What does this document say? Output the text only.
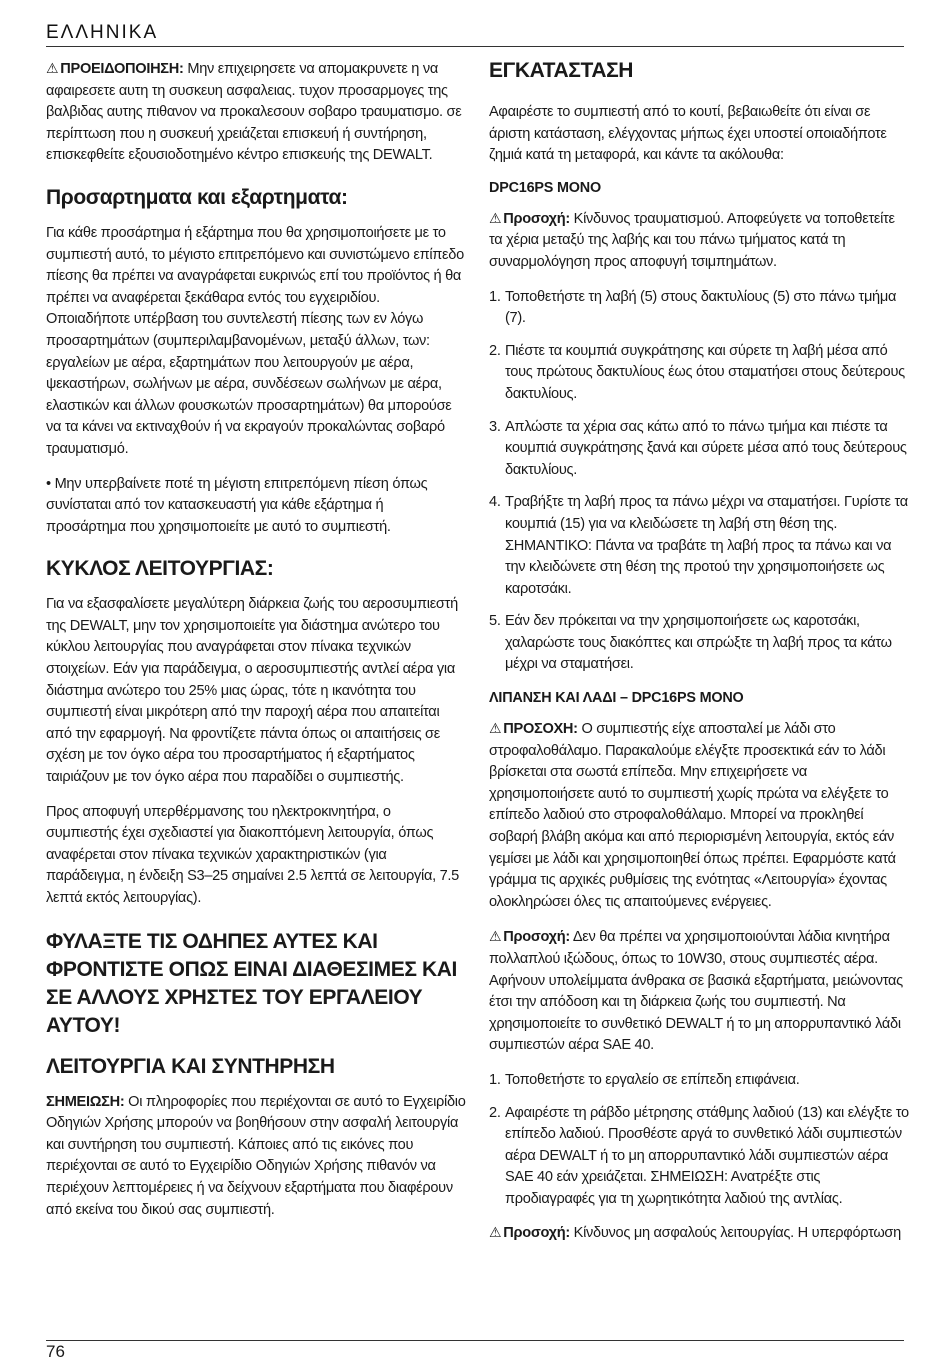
ΕΛΛΗΝΙΚΑ

⚠ ΠΡΟΕΙΔΟΠΟΙΗΣΗ: Μην επιχειρησετε να απομακρυνετε η να αφαιρεσετε αυτη τη συσκευη ασφαλειας. τυχον προσαρμογες της βαλβιδας αυτης πιθανον να προκαλεσουν σοβαρο τραυματισμο. σε περίπτωση που η συσκευή χρειάζεται επισκευή ή συντήρηση, επισκεφθείτε εξουσιοδοτημένο κέντρο επισκευής της DEWALT.

Προσαρτηματα και εξαρτηματα:

Για κάθε προσάρτημα ή εξάρτημα που θα χρησιμοποιήσετε με το συμπιεστή αυτό, το μέγιστο επιτρεπόμενο και συνιστώμενο επίπεδο πίεσης θα πρέπει να αναγράφεται ευκρινώς επί του προϊόντος ή θα πρέπει να αναφέρεται ξεκάθαρα εντός του εγχειριδίου. Οποιαδήποτε υπέρβαση του συντελεστή πίεσης των εν λόγω προσαρτημάτων (συμπεριλαμβανομένων, μεταξύ άλλων, των: εργαλείων με αέρα, εξαρτημάτων που λειτουργούν με αέρα, ψεκαστήρων, σωλήνων με αέρα, συνδέσεων σωλήνων με αέρα, ελαστικών και άλλων φουσκωτών προσαρτημάτων) θα μπορούσε να τα κάνει να εκτιναχθούν ή να εκραγούν προκαλώντας σοβαρό τραυματισμό.

• Μην υπερβαίνετε ποτέ τη μέγιστη επιτρεπόμενη πίεση όπως συνίσταται από τον κατασκευαστή για κάθε εξάρτημα ή προσάρτημα που χρησιμοποιείτε με αυτό το συμπιεστή.

ΚΥΚΛΟΣ ΛΕΙΤΟΥΡΓΙΑΣ:

Για να εξασφαλίσετε μεγαλύτερη διάρκεια ζωής του αεροσυμπιεστή της DEWALT, μην τον χρησιμοποιείτε για διάστημα ανώτερο του κύκλου λειτουργίας που αναγράφεται στον πίνακα τεχνικών στοιχείων. Εάν για παράδειγμα, ο αεροσυμπιεστής αντλεί αέρα για διάστημα ανώτερο του 25% μιας ώρας, τότε η ικανότητα του συμπιεστή είναι μικρότερη από την παροχή αέρα που απαιτείται από την εφαρμογή. Να φροντίζετε πάντα όπως οι απαιτήσεις σε σχέση με τον όγκο αέρα του προσαρτήματος ή εξαρτήματος ταιριάζουν με τον όγκο αέρα που παραδίδει ο συμπιεστής.

Προς αποφυγή υπερθέρμανσης του ηλεκτροκινητήρα, ο συμπιεστής έχει σχεδιαστεί για διακοπτόμενη λειτουργία, όπως αναφέρεται στον πίνακα τεχνικών χαρακτηριστικών (για παράδειγμα, η ένδειξη S3–25 σημαίνει 2.5 λεπτά σε λειτουργία, 7.5 λεπτά εκτός λειτουργίας).

ΦΥΛΑΞΤΕ ΤΙΣ ΟΔΗΠΕΣ ΑΥΤΕΣ ΚΑΙ ΦΡΟΝΤΙΣΤΕ ΟΠΩΣ ΕΙΝΑΙ ΔΙΑΘΕΣΙΜΕΣ ΚΑΙ ΣΕ ΑΛΛΟΥΣ ΧΡΗΣΤΕΣ ΤΟΥ ΕΡΓΑΛΕΙΟΥ ΑΥΤΟΥ!
ΛΕΙΤΟΥΡΓΙΑ ΚΑΙ ΣΥΝΤΗΡΗΣΗ

ΣΗΜΕΙΩΣΗ: Οι πληροφορίες που περιέχονται σε αυτό το Εγχειρίδιο Οδηγιών Χρήσης μπορούν να βοηθήσουν στην ασφαλή λειτουργία και συντήρηση του συμπιεστή. Κάποιες από τις εικόνες που περιέχονται σε αυτό το Εγχειρίδιο Οδηγιών Χρήσης πιθανόν να περιέχουν λεπτομέρειες ή να δείχνουν εξαρτήματα που διαφέρουν από εκείνα του δικού σας συμπιεστή.

ΕΓΚΑΤΑΣΤΑΣΗ

Αφαιρέστε το συμπιεστή από το κουτί, βεβαιωθείτε ότι είναι σε άριστη κατάσταση, ελέγχοντας μήπως έχει υποστεί οποιαδήποτε ζημιά κατά τη μεταφορά, και κάντε τα ακόλουθα:

DPC16PS MONO

⚠ Προσοχή: Κίνδυνος τραυματισμού. Αποφεύγετε να τοποθετείτε τα χέρια μεταξύ της λαβής και του πάνω τμήματος κατά τη συναρμολόγηση προς αποφυγή τσιμπημάτων.

1. Τοποθετήστε τη λαβή (5) στους δακτυλίους (5) στο πάνω τμήμα (7).
2. Πιέστε τα κουμπιά συγκράτησης και σύρετε τη λαβή μέσα από τους πρώτους δακτυλίους έως ότου σταματήσει στους δεύτερους δακτυλίους.
3. Απλώστε τα χέρια σας κάτω από το πάνω τμήμα και πιέστε τα κουμπιά συγκράτησης ξανά και σύρετε μέσα από τους δεύτερους δακτυλίους.
4. Τραβήξτε τη λαβή προς τα πάνω μέχρι να σταματήσει. Γυρίστε τα κουμπιά (15) για να κλειδώσετε τη λαβή στη θέση της. ΣΗΜΑΝΤΙΚΟ: Πάντα να τραβάτε τη λαβή προς τα πάνω και να την κλειδώνετε στη θέση της προτού την χρησιμοποιήσετε ως καροτσάκι.
5. Εάν δεν πρόκειται να την χρησιμοποιήσετε ως καροτσάκι, χαλαρώστε τους διακόπτες και σπρώξτε τη λαβή προς τα κάτω μέχρι να σταματήσει.
ΛΙΠΑΝΣΗ ΚΑΙ ΛΑΔΙ – DPC16PS MONO

⚠ ΠΡΟΣΟΧΗ: Ο συμπιεστής είχε αποσταλεί με λάδι στο στροφαλοθάλαμο. Παρακαλούμε ελέγξτε προσεκτικά εάν το λάδι βρίσκεται στα σωστά επίπεδα. Μην επιχειρήσετε να χρησιμοποιήσετε αυτό το συμπιεστή χωρίς πρώτα να ελέγξετε το επίπεδο λαδιού στο στροφαλοθάλαμο. Μπορεί να προκληθεί σοβαρή βλάβη ακόμα και από περιορισμένη λειτουργία, εκτός εάν γεμίσει με λάδι και χρησιμοποιηθεί όπως πρέπει. Εφαρμόστε κατά γράμμα τις αρχικές ρυθμίσεις της ενότητας «Λειτουργία» έχοντας ολοκληρώσει όλες τις απαιτούμενες ενέργειες.

⚠ Προσοχή: Δεν θα πρέπει να χρησιμοποιούνται λάδια κινητήρα πολλαπλού ιξώδους, όπως το 10W30, στους συμπιεστές αέρα. Αφήνουν υπολείμματα άνθρακα σε βασικά εξαρτήματα, μειώνοντας έτσι την απόδοση και τη διάρκεια ζωής του συμπιεστή. Να χρησιμοποιείτε το συνθετικό DEWALT ή το μη απορρυπαντικό λάδι συμπιεστών αέρα SAE 40.

1. Τοποθετήστε το εργαλείο σε επίπεδη επιφάνεια.
2. Αφαιρέστε τη ράβδο μέτρησης στάθμης λαδιού (13) και ελέγξτε το επίπεδο λαδιού. Προσθέστε αργά το συνθετικό λάδι συμπιεστών αέρα DEWALT ή το μη απορρυπαντικό λάδι συμπιεστών αέρα SAE 40 εάν χρειάζεται. ΣΗΜΕΙΩΣΗ: Ανατρέξτε στις προδιαγραφές για τη χωρητικότητα λαδιού της αντλίας.

⚠ Προσοχή: Κίνδυνος μη ασφαλούς λειτουργίας. Η υπερφόρτωση

76
